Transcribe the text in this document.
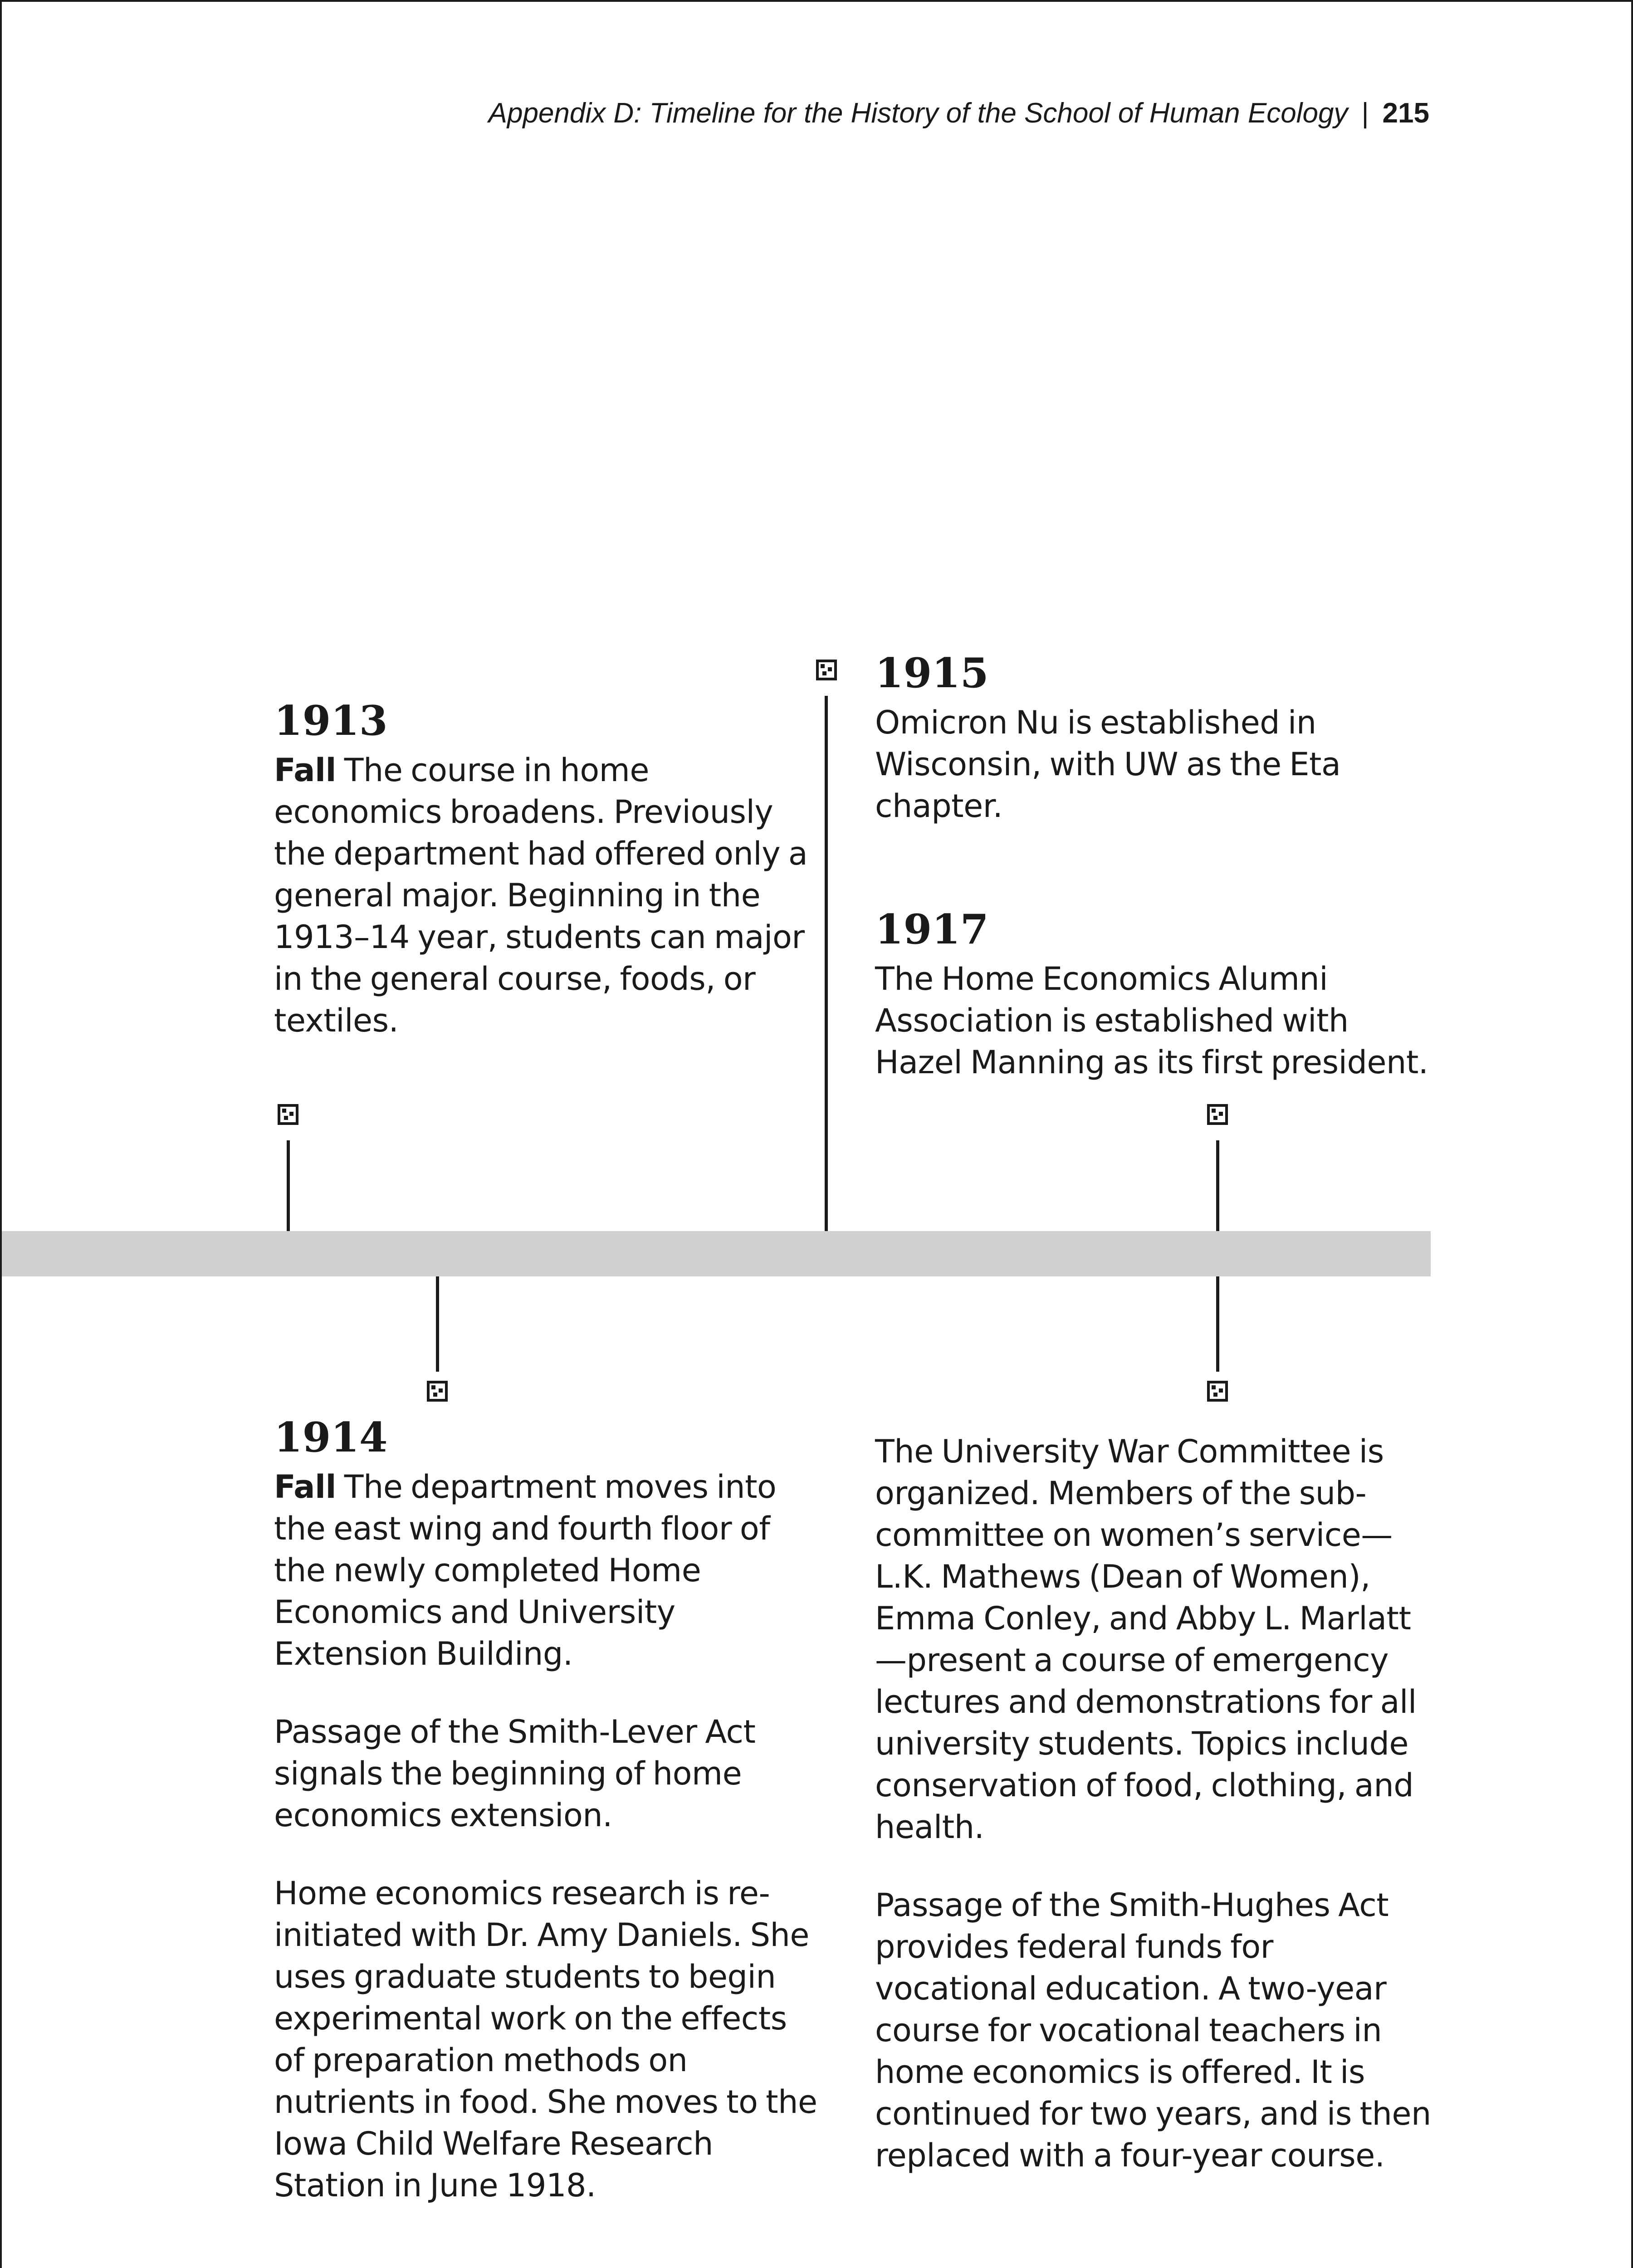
Appendix D: Timeline for the History of the School of Human Ecology | 215
1913

Fall The course in home economics broadens. Previously the department had offered only a general major. Beginning in the 1913–14 year, students can major in the general course, foods, or textiles.

1915

Omicron Nu is established in Wisconsin, with UW as the Eta chapter.

1917

The Home Economics Alumni Association is established with Hazel Manning as its first president.

1914

Fall The department moves into the east wing and fourth floor of the newly completed Home Economics and University Extension Building.

Passage of the Smith-Lever Act signals the beginning of home economics extension.

Home economics research is re-initiated with Dr. Amy Daniels. She uses graduate students to begin experimental work on the effects of preparation methods on nutrients in food. She moves to the Iowa Child Welfare Research Station in June 1918.

The University War Committee is organized. Members of the sub-committee on women’s service—L.K. Mathews (Dean of Women), Emma Conley, and Abby L. Marlatt—present a course of emergency lectures and demonstrations for all university students. Topics include conservation of food, clothing, and health.

Passage of the Smith-Hughes Act provides federal funds for vocational education. A two-year course for vocational teachers in home economics is offered. It is continued for two years, and is then replaced with a four-year course.
